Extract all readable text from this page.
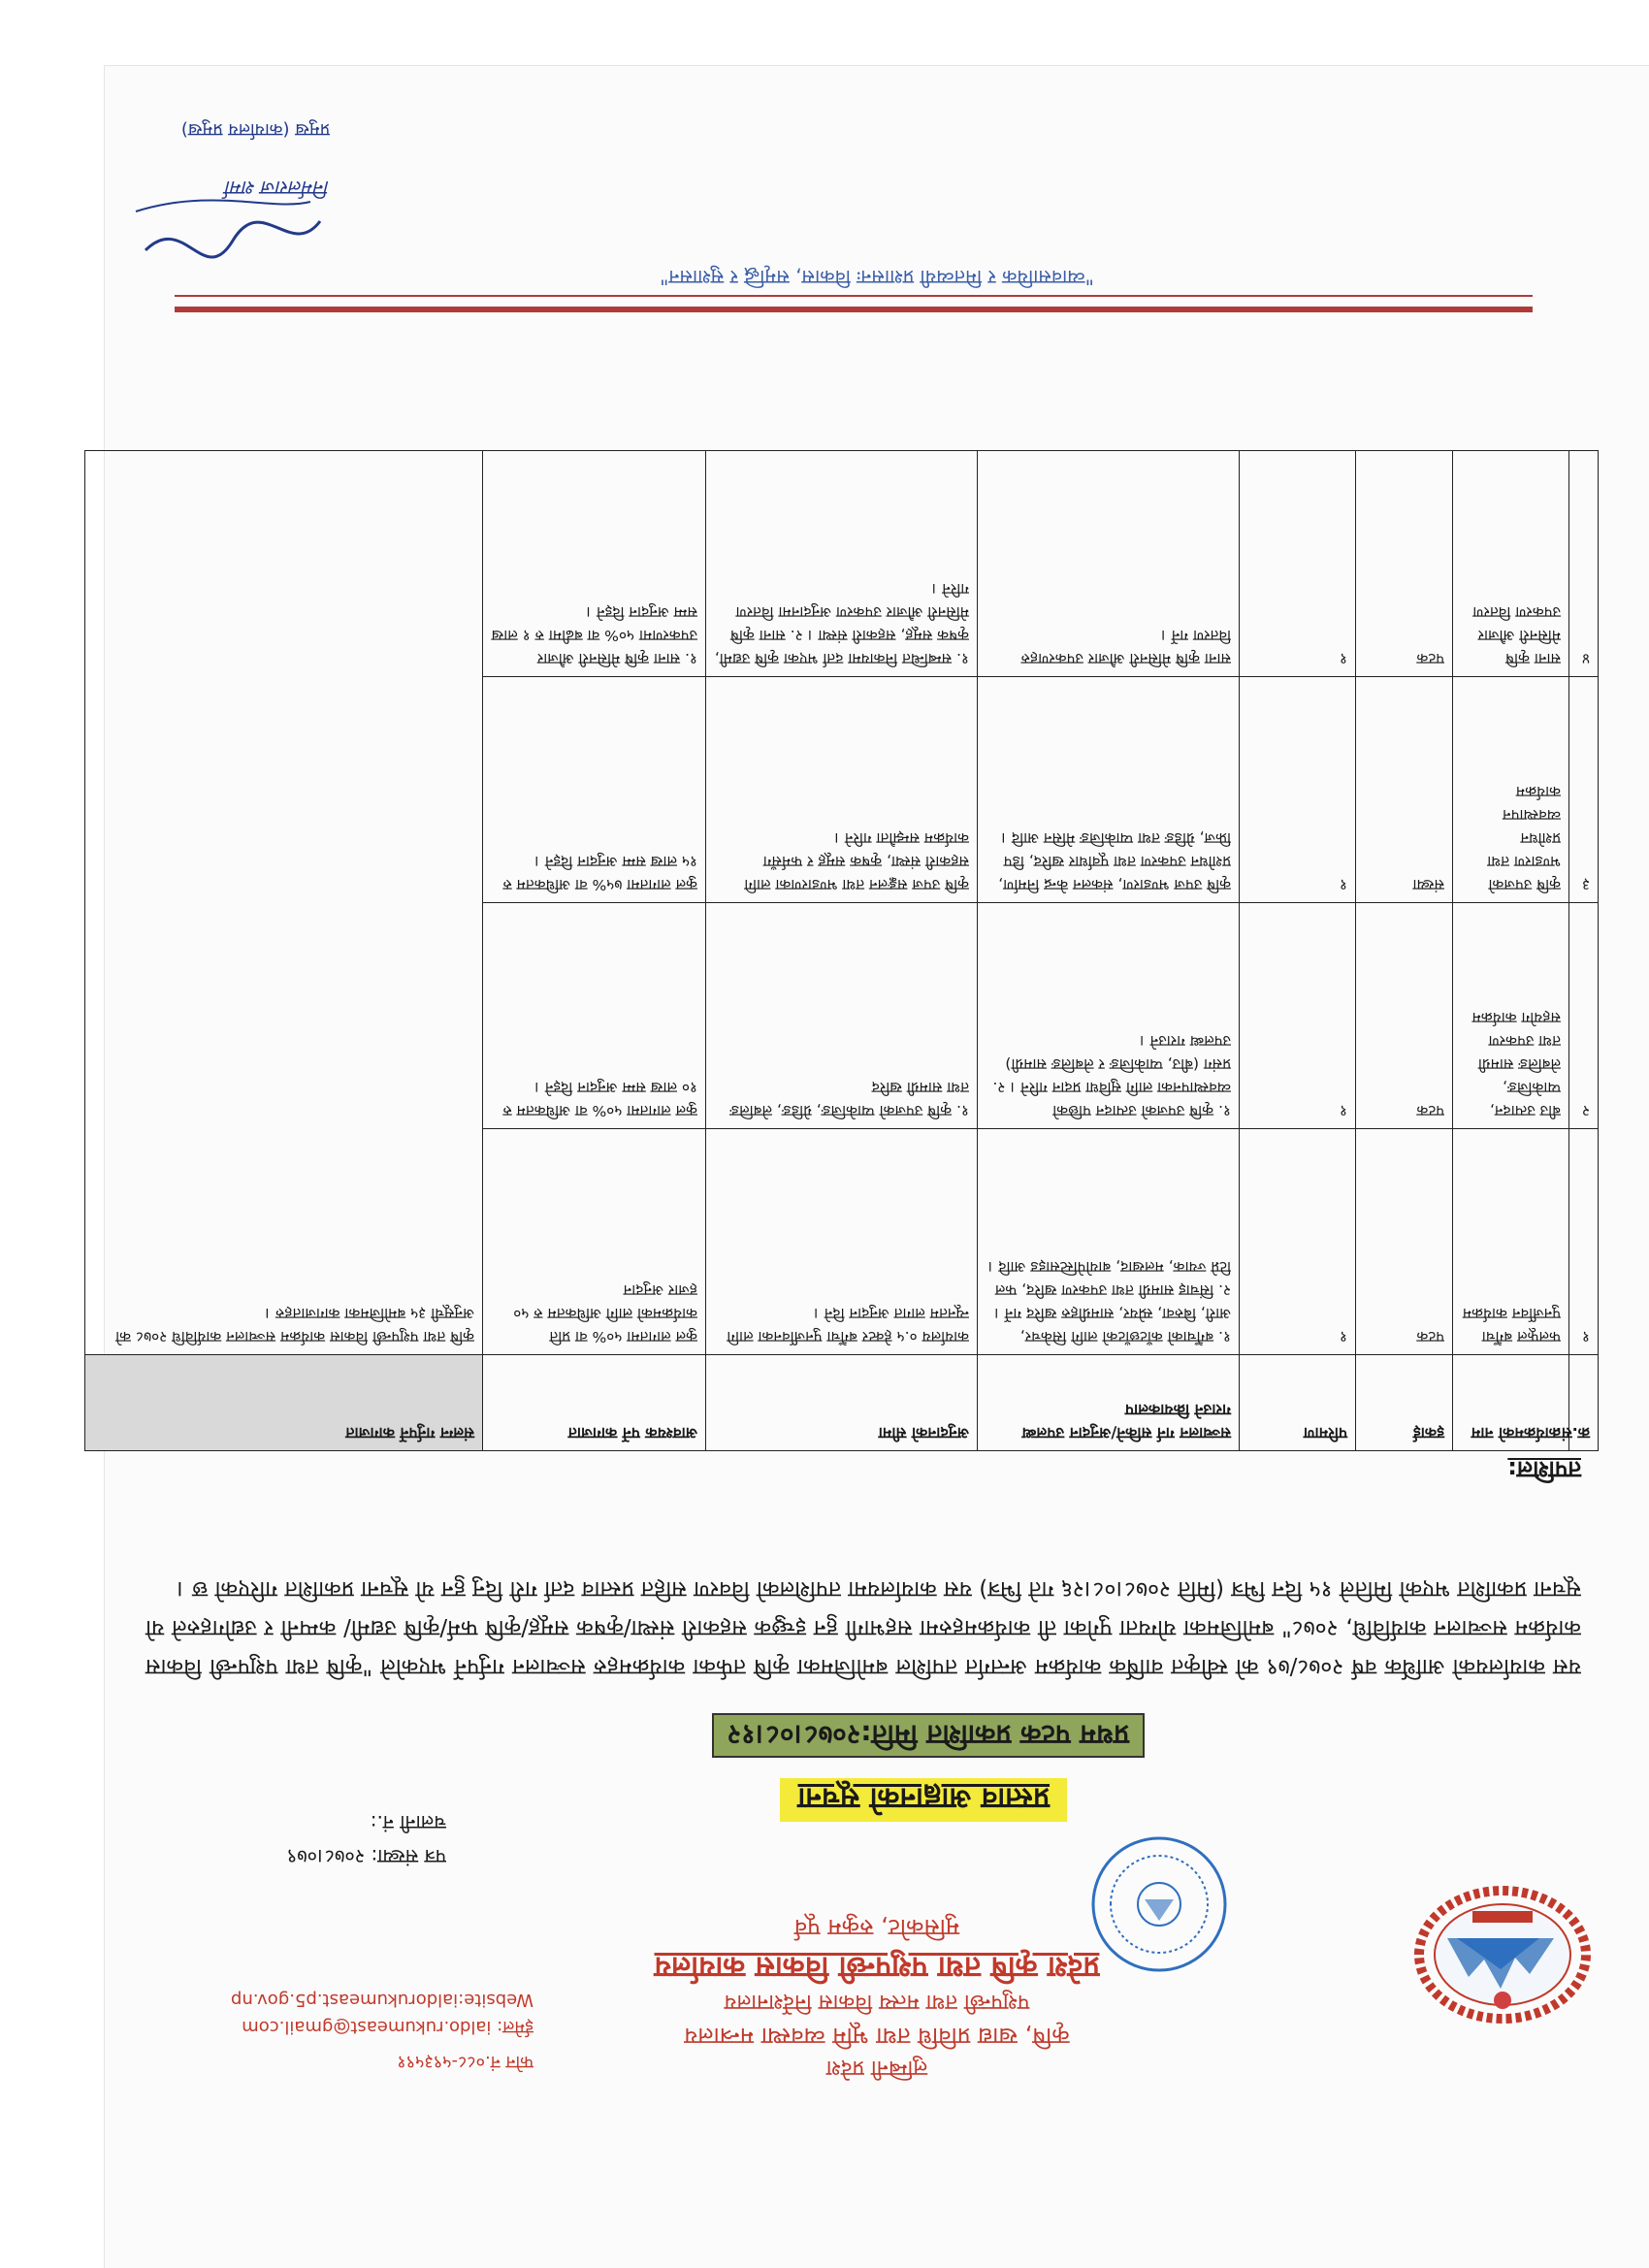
लुम्बिनी प्रदेश
कृषि, खाद्य प्रविधि तथा भूमि व्यवस्था मन्त्रालय
पशुपन्छी तथा मत्स्य विकास निर्देशनालय
प्रदेश कृषि तथा पशुपन्छी विकास कार्यालय
मुसिकोट, रुकुम पूर्व
फोन नं.०८८-५९३५९१
ईमेल: ialdo.rukumeast@gmail.com
Website:ialdorukumeast.p5.gov.np
पत्र संख्या: २०७८।०७९
चलानी नं.:
प्रस्ताव आह्वानको सूचना
प्रथम पटक प्रकाशित मिति:२०७८।०८।१२
यस कार्यालयको आर्थिक वर्ष २०७८/७९ को स्वीकृत वार्षिक कार्यक्रम अन्तर्गत तपशिल बमोजिमका कृषि तर्फका कार्यक्रमहरु सञ्चालन गर्नुपर्ने भएकोले "कृषि तथा पशुपन्छी विकास कार्यक्रम सञ्चालन कार्यविधि, २०७८" बमोजिमका योग्यता पुगेका ती कार्यक्रमहरुमा सहभागी हुन इच्छुक सहकारी संस्था/कृषक समूह/कृषि फर्म/कृषि उद्यमी/ कम्पनी र उद्योगहरुले यो सूचना प्रकाशित भएको मितिले १५ दिन भित्र (मिति २०७८।०८।२६ गते भित्र) यस कार्यालयमा तपशिलको विवरण सहित प्रस्ताव दर्ता गरी दिनु हुन यो सूचना प्रकाशित गरिएको छ ।
तपशिल:
क्र.सं.	कार्यक्रमको नाम	इकाई	परिमाण	सञ्चालन गर्न सकिने/अनुदान उपलब्ध गराउने क्रियाकलाप	अनुदानको सीमा	आवश्यक पर्ने कागजात	संलग्न गर्नुपर्ने कागजात
१	फलफूल बगैँचा पुनर्जीवन कार्यक्रम	पटक	१	१. बगैँचाको काँटछाँटको लागि सिकेचर, आरी, बिरुवा, स्प्रेयर, सामग्रीहरु खरिद गर्ने । २. सिंचाइ सामग्री तथा उपकरण खरिद, फल टिप्ने ज्याक, मलखाद, बायोपेस्टिसाइड आदि ।	कार्यालय ०.५ हेक्टर बगैँचा पुनर्जीवनका लागि न्यूनतम लागत अनुदान दिने ।	कुल लागतमा ५०% वा प्रति कार्यक्रमको लागि अधिकतम रु ५० हजार अनुदान	कृषि तथा पशुपन्छी विकास कार्यक्रम सञ्चालन कार्यविधि २०७८ को अनुसूची ३५ बमोजिमका कागजातहरु ।
२	बीउ उत्पादन, प्याकेजिङ, लेबलिङ सामग्री तथा उपकरण सहयोग कार्यक्रम	पटक	१	१. कृषि उपजको उत्पादन पछिको व्यवस्थापनका लागि सुविधा प्रदान गरिने । २. प्रसंग (बीउ, प्याकेजिङ र लेबलिङ सामग्री) उपलब्ध गराउने ।	१. कृषि उपजको प्याकेजिङ, ग्रेडिङ, लेबलिङ तथा सामग्री खरिद	कुल लागतमा ५०% वा अधिकतम रु १० लाख सम्म अनुदान दिइने ।	
३	कृषि उपजको भण्डारण तथा प्रशोधन व्यवस्थापन कार्यक्रम	संख्या	१	कृषि उपज भण्डारण, संकलन केन्द्र निर्माण, प्रशोधन उपकरण तथा पूर्वाधार खरिद, डिप फ्रिज, ग्रेडिङ तथा प्याकेजिङ मेसिन आदि ।	कृषि उपज सङ्कलन तथा भण्डारणका लागि सहकारी संस्था, कृषक समूह र फर्मसँग कार्यक्रम सम्झौता गरिने ।	कुल लागतमा ७५% वा अधिकतम रु १५ लाख सम्म अनुदान दिइने ।	
४	साना कृषि मेसिनरी औजार उपकरण वितरण	पटक	१	साना कृषि मेसिनरी औजार उपकरणहरु वितरण गर्ने ।	१. सम्बन्धित निकायमा दर्ता भएका कृषि उद्यमी, कृषक समूह, सहकारी संस्था । २. साना कृषि मेसिनरी औजार उपकरण अनुदानमा वितरण गरिने ।	१. साना कृषि मेसिनरी औजार उपकरणमा ५०% वा बढीमा रु १ लाख सम्म अनुदान दिइने ।	
"व्यावसायिक र मितव्ययी प्रशासनः विकास, समृद्धि र सुशासन"
निर्मलराज शर्मा
प्रमुख (कार्यालय प्रमुख)
